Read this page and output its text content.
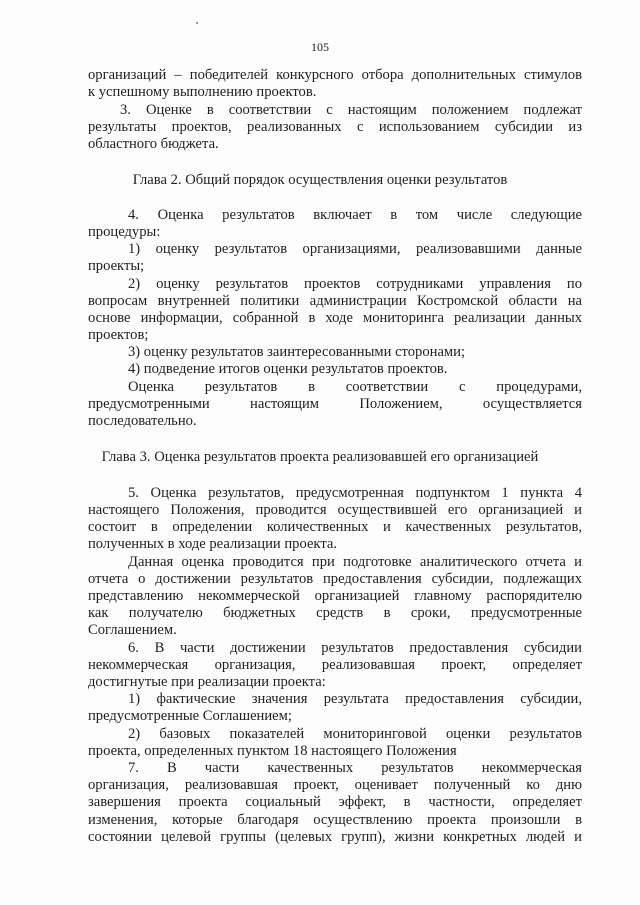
105
организаций – победителей конкурсного отбора дополнительных стимулов
к успешному выполнению проектов.
3. Оценке в соответствии с настоящим положением подлежат
результаты проектов, реализованных с использованием субсидии из
областного бюджета.
Глава 2. Общий порядок осуществления оценки результатов
4. Оценка результатов включает в том числе следующие
процедуры:
1) оценку результатов организациями, реализовавшими данные
проекты;
2) оценку результатов проектов сотрудниками управления по
вопросам внутренней политики администрации Костромской области на
основе информации, собранной в ходе мониторинга реализации данных
проектов;
3) оценку результатов заинтересованными сторонами;
4) подведение итогов оценки результатов проектов.
Оценка результатов в соответствии с процедурами,
предусмотренными настоящим Положением, осуществляется
последовательно.
Глава 3. Оценка результатов проекта реализовавшей его организацией
5. Оценка результатов, предусмотренная подпунктом 1 пункта 4
настоящего Положения, проводится осуществившей его организацией и
состоит в определении количественных и качественных результатов,
полученных в ходе реализации проекта.
Данная оценка проводится при подготовке аналитического отчета и
отчета о достижении результатов предоставления субсидии, подлежащих
представлению некоммерческой организацией главному распорядителю
как получателю бюджетных средств в сроки, предусмотренные
Соглашением.
6. В части достижении результатов предоставления субсидии
некоммерческая организация, реализовавшая проект, определяет
достигнутые при реализации проекта:
1) фактические значения результата предоставления субсидии,
предусмотренные Соглашением;
2) базовых показателей мониторинговой оценки результатов
проекта, определенных пунктом 18 настоящего Положения
7. В части качественных результатов некоммерческая
организация, реализовавшая проект, оценивает полученный ко дню
завершения проекта социальный эффект, в частности, определяет
изменения, которые благодаря осуществлению проекта произошли в
состоянии целевой группы (целевых групп), жизни конкретных людей и
